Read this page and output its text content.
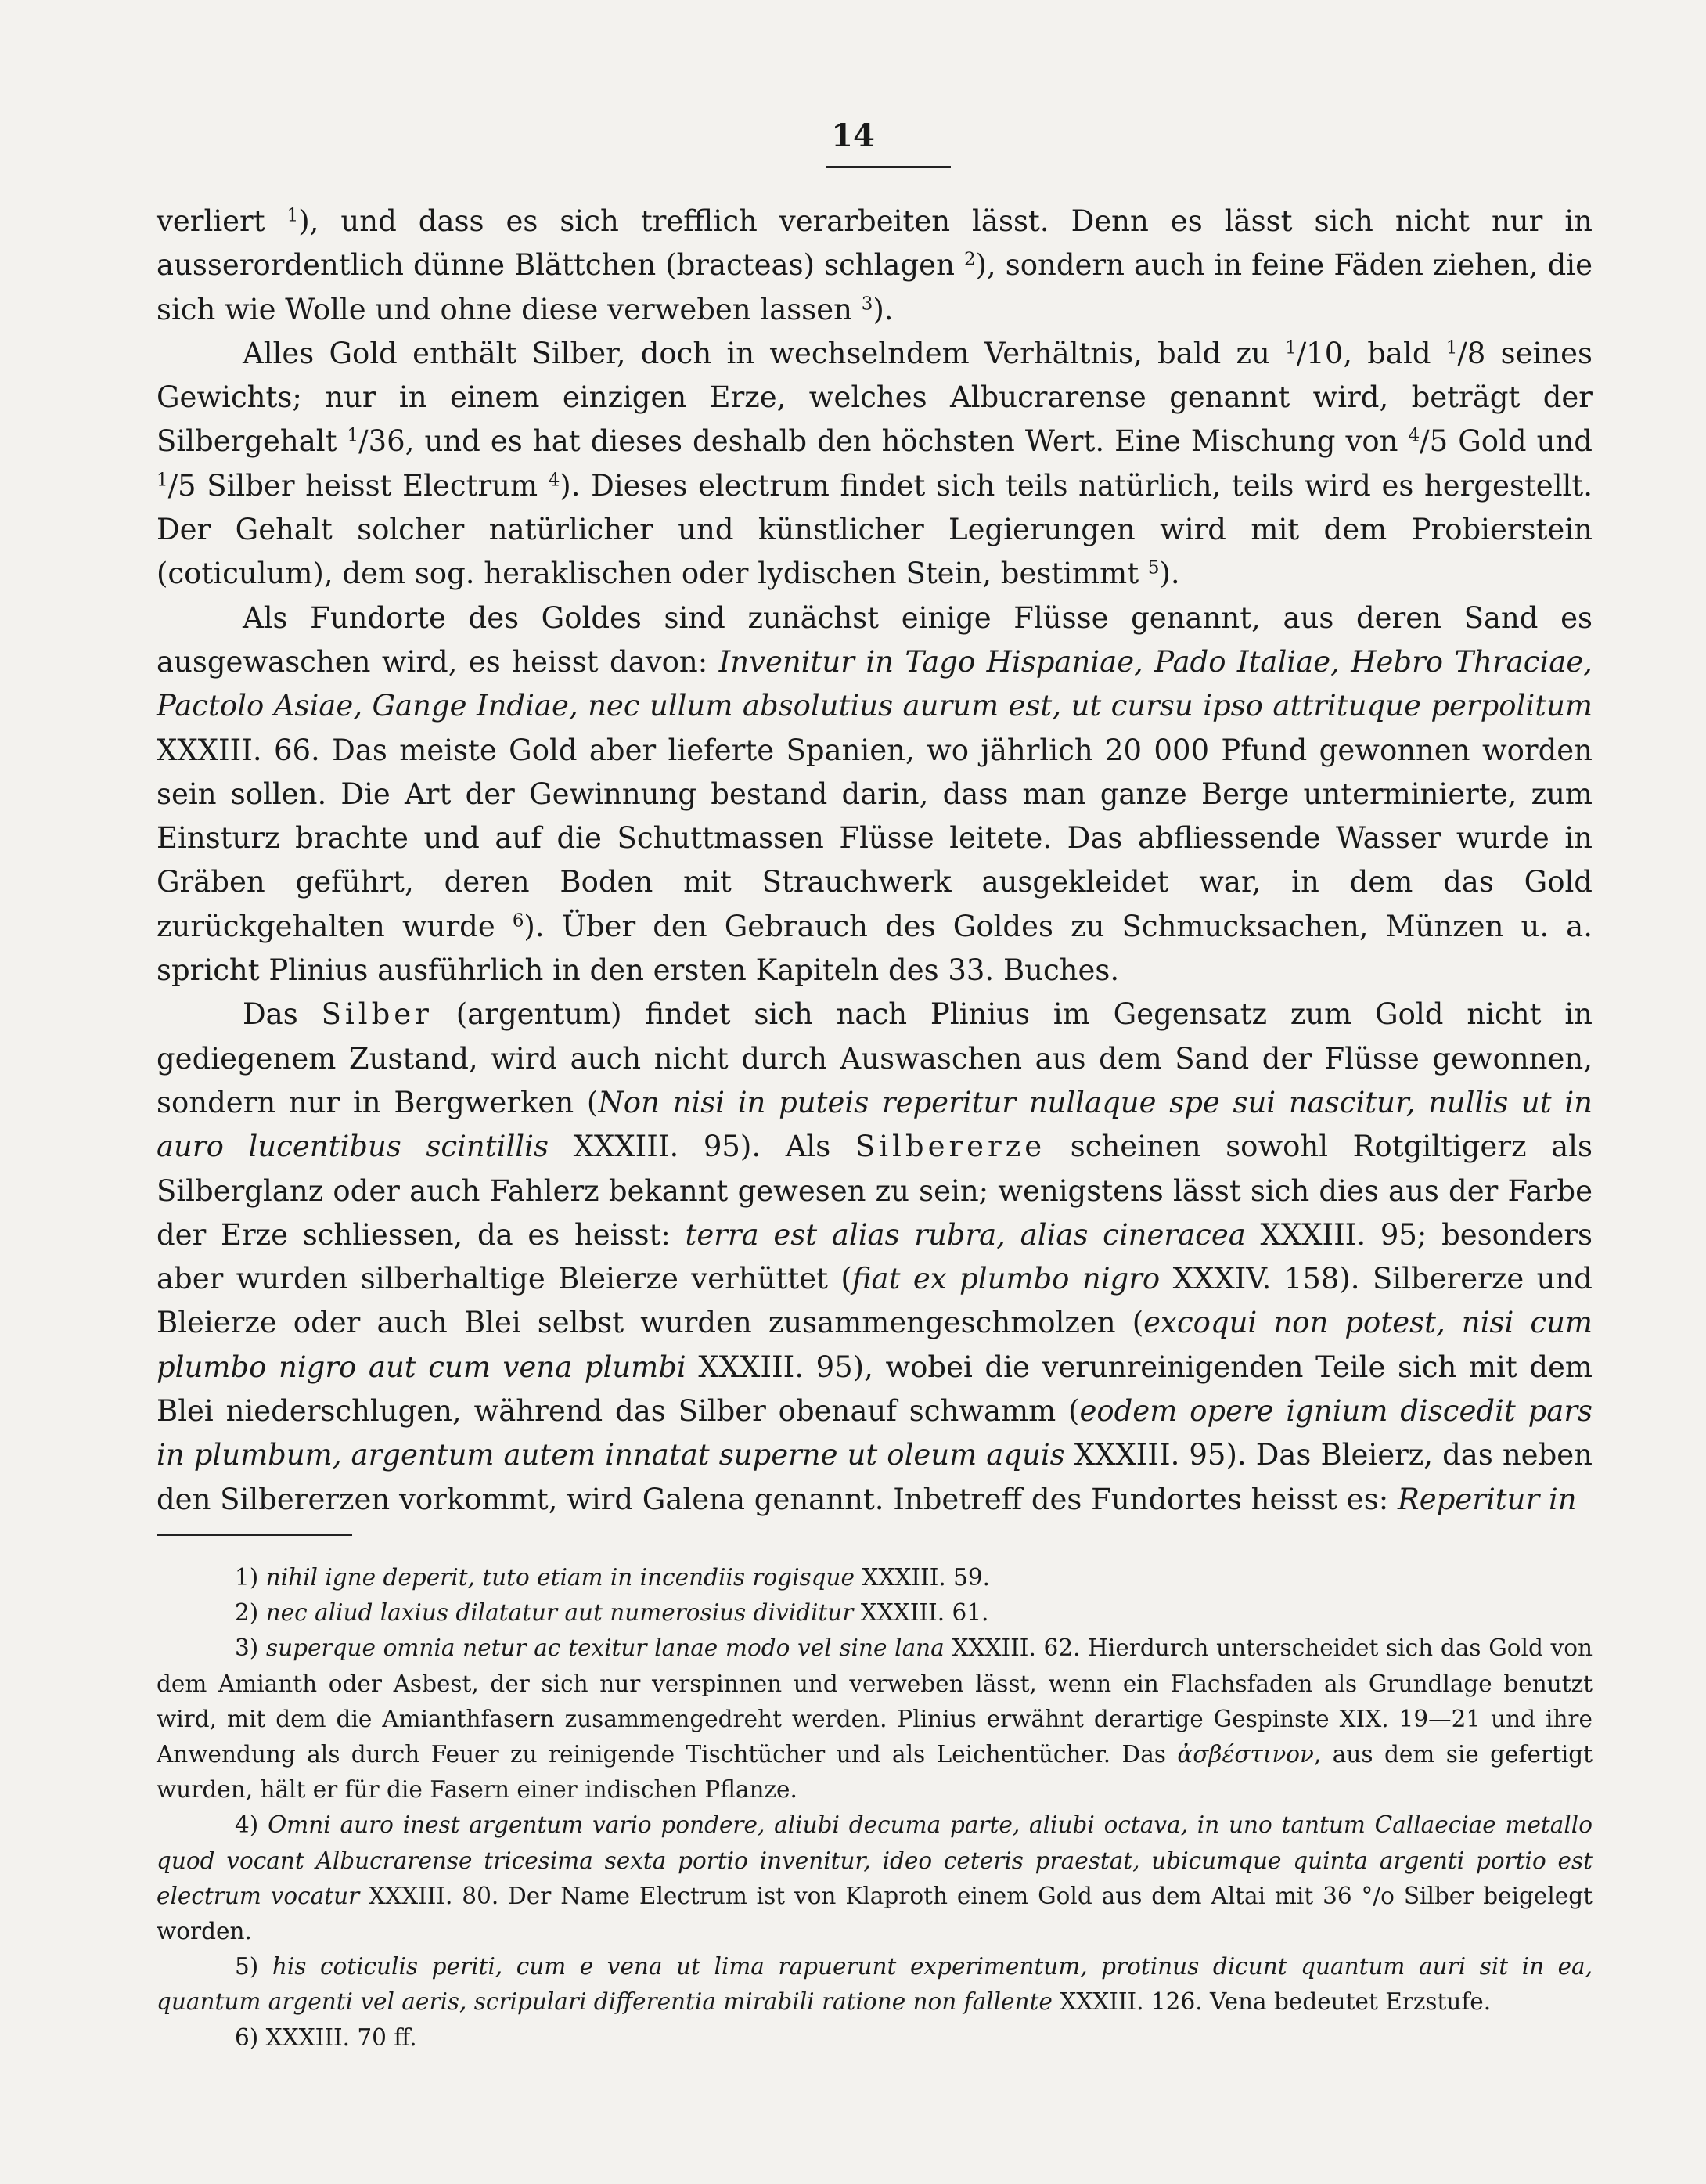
14

verliert $^1$), und dass es sich trefflich verarbeiten lässt. Denn es lässt sich nicht nur in ausserordentlich dünne Blättchen (bracteas) schlagen $^2$), sondern auch in feine Fäden ziehen, die sich wie Wolle und ohne diese verweben lassen $^3$).

Alles Gold enthält Silber, doch in wechselndem Verhältnis, bald zu $^1$/10, bald $^1$/8 seines Gewichts; nur in einem einzigen Erze, welches Albucrarense genannt wird, beträgt der Silbergehalt $^1$/36, und es hat dieses deshalb den höchsten Wert. Eine Mischung von $^4$/5 Gold und $^1$/5 Silber heisst Electrum $^4$). Dieses electrum findet sich teils natürlich, teils wird es hergestellt. Der Gehalt solcher natürlicher und künstlicher Legierungen wird mit dem Probierstein (coticulum), dem sog. heraklischen oder lydischen Stein, bestimmt $^5$).

Als Fundorte des Goldes sind zunächst einige Flüsse genannt, aus deren Sand es ausgewaschen wird, es heisst davon: Invenitur in Tago Hispaniae, Pado Italiae, Hebro Thraciae, Pactolo Asiae, Gange Indiae, nec ullum absolutius aurum est, ut cursu ipso attrituque perpolitum XXXIII. 66. Das meiste Gold aber lieferte Spanien, wo jährlich 20 000 Pfund gewonnen worden sein sollen. Die Art der Gewinnung bestand darin, dass man ganze Berge unterminierte, zum Einsturz brachte und auf die Schuttmassen Flüsse leitete. Das abfliessende Wasser wurde in Gräben geführt, deren Boden mit Strauchwerk ausgekleidet war, in dem das Gold zurückgehalten wurde $^6$). Über den Gebrauch des Goldes zu Schmucksachen, Münzen u. a. spricht Plinius ausführlich in den ersten Kapiteln des 33. Buches.

Das Silber (argentum) findet sich nach Plinius im Gegensatz zum Gold nicht in gediegenem Zustand, wird auch nicht durch Auswaschen aus dem Sand der Flüsse gewonnen, sondern nur in Bergwerken (Non nisi in puteis reperitur nullaque spe sui nascitur, nullis ut in auro lucentibus scintillis XXXIII. 95). Als Silbererze scheinen sowohl Rotgiltigerz als Silberglanz oder auch Fahlerz bekannt gewesen zu sein; wenigstens lässt sich dies aus der Farbe der Erze schliessen, da es heisst: terra est alias rubra, alias cineracea XXXIII. 95; besonders aber wurden silberhaltige Bleierze verhüttet (fiat ex plumbo nigro XXXIV. 158). Silbererze und Bleierze oder auch Blei selbst wurden zusammengeschmolzen (excoqui non potest, nisi cum plumbo nigro aut cum vena plumbi XXXIII. 95), wobei die verunreinigenden Teile sich mit dem Blei niederschlugen, während das Silber obenauf schwamm (eodem opere ignium discedit pars in plumbum, argentum autem innatat superne ut oleum aquis XXXIII. 95). Das Bleierz, das neben den Silbererzen vorkommt, wird Galena genannt. Inbetreff des Fundortes heisst es: Reperitur in

1) nihil igne deperit, tuto etiam in incendiis rogisque XXXIII. 59.

2) nec aliud laxius dilatatur aut numerosius dividitur XXXIII. 61.

3) superque omnia netur ac texitur lanae modo vel sine lana XXXIII. 62. Hierdurch unterscheidet sich das Gold von dem Amianth oder Asbest, der sich nur verspinnen und verweben lässt, wenn ein Flachsfaden als Grundlage benutzt wird, mit dem die Amianthfasern zusammengedreht werden. Plinius erwähnt derartige Gespinste XIX. 19—21 und ihre Anwendung als durch Feuer zu reinigende Tischtücher und als Leichentücher. Das ἀσβέστινον, aus dem sie gefertigt wurden, hält er für die Fasern einer indischen Pflanze.

4) Omni auro inest argentum vario pondere, aliubi decuma parte, aliubi octava, in uno tantum Callaeciae metallo quod vocant Albucrarense tricesima sexta portio invenitur, ideo ceteris praestat, ubicumque quinta argenti portio est electrum vocatur XXXIII. 80. Der Name Electrum ist von Klaproth einem Gold aus dem Altai mit 36 °/o Silber beigelegt worden.

5) his coticulis periti, cum e vena ut lima rapuerunt experimentum, protinus dicunt quantum auri sit in ea, quantum argenti vel aeris, scripulari differentia mirabili ratione non fallente XXXIII. 126. Vena bedeutet Erzstufe.

6) XXXIII. 70 ff.
